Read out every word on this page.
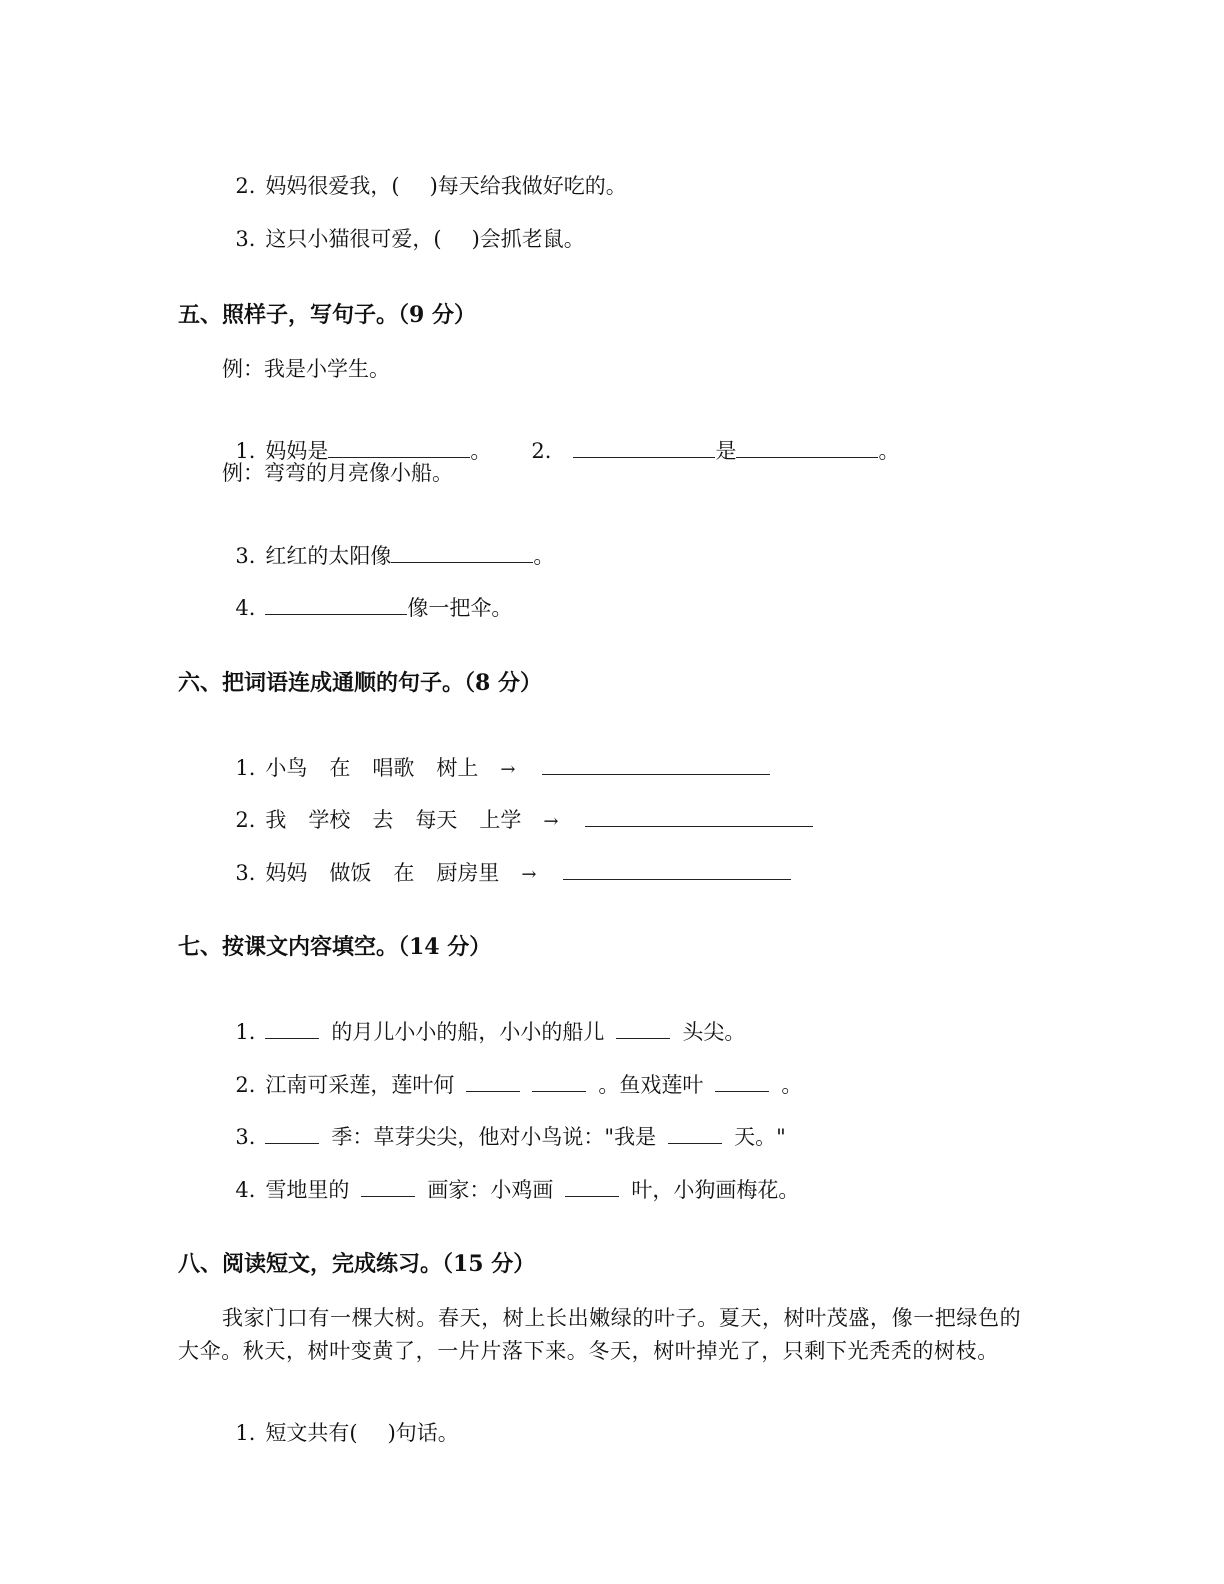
2. 妈妈很爱我，( )每天给我做好吃的。

3. 这只小猫很可爱，( )会抓老鼠。

五、照样子，写句子。（9 分）
例：我是小学生。

1. 妈妈是	。 2.	是	。

例：弯弯的月亮像小船。

3. 红红的太阳像	。

4.	像一把伞。

六、把词语连成通顺的句子。（8 分）

1. 小鸟 在 唱歌 树上 →

2. 我 学校 去 每天 上学 →

3. 妈妈 做饭 在 厨房里 →

七、按课文内容填空。（14 分）

1.	的月儿小小的船，小小的船儿	头尖。

2. 江南可采莲，莲叶何	。鱼戏莲叶	。

3.	季：草芽尖尖，他对小鸟说："我是	天。"

4. 雪地里的	画家：小鸡画	叶，小狗画梅花。

八、阅读短文，完成练习。（15 分）
我家门口有一棵大树。春天，树上长出嫩绿的叶子。夏天，树叶茂盛，像一把绿色的
大伞。秋天，树叶变黄了，一片片落下来。冬天，树叶掉光了，只剩下光秃秃的树枝。

1. 短文共有( )句话。
